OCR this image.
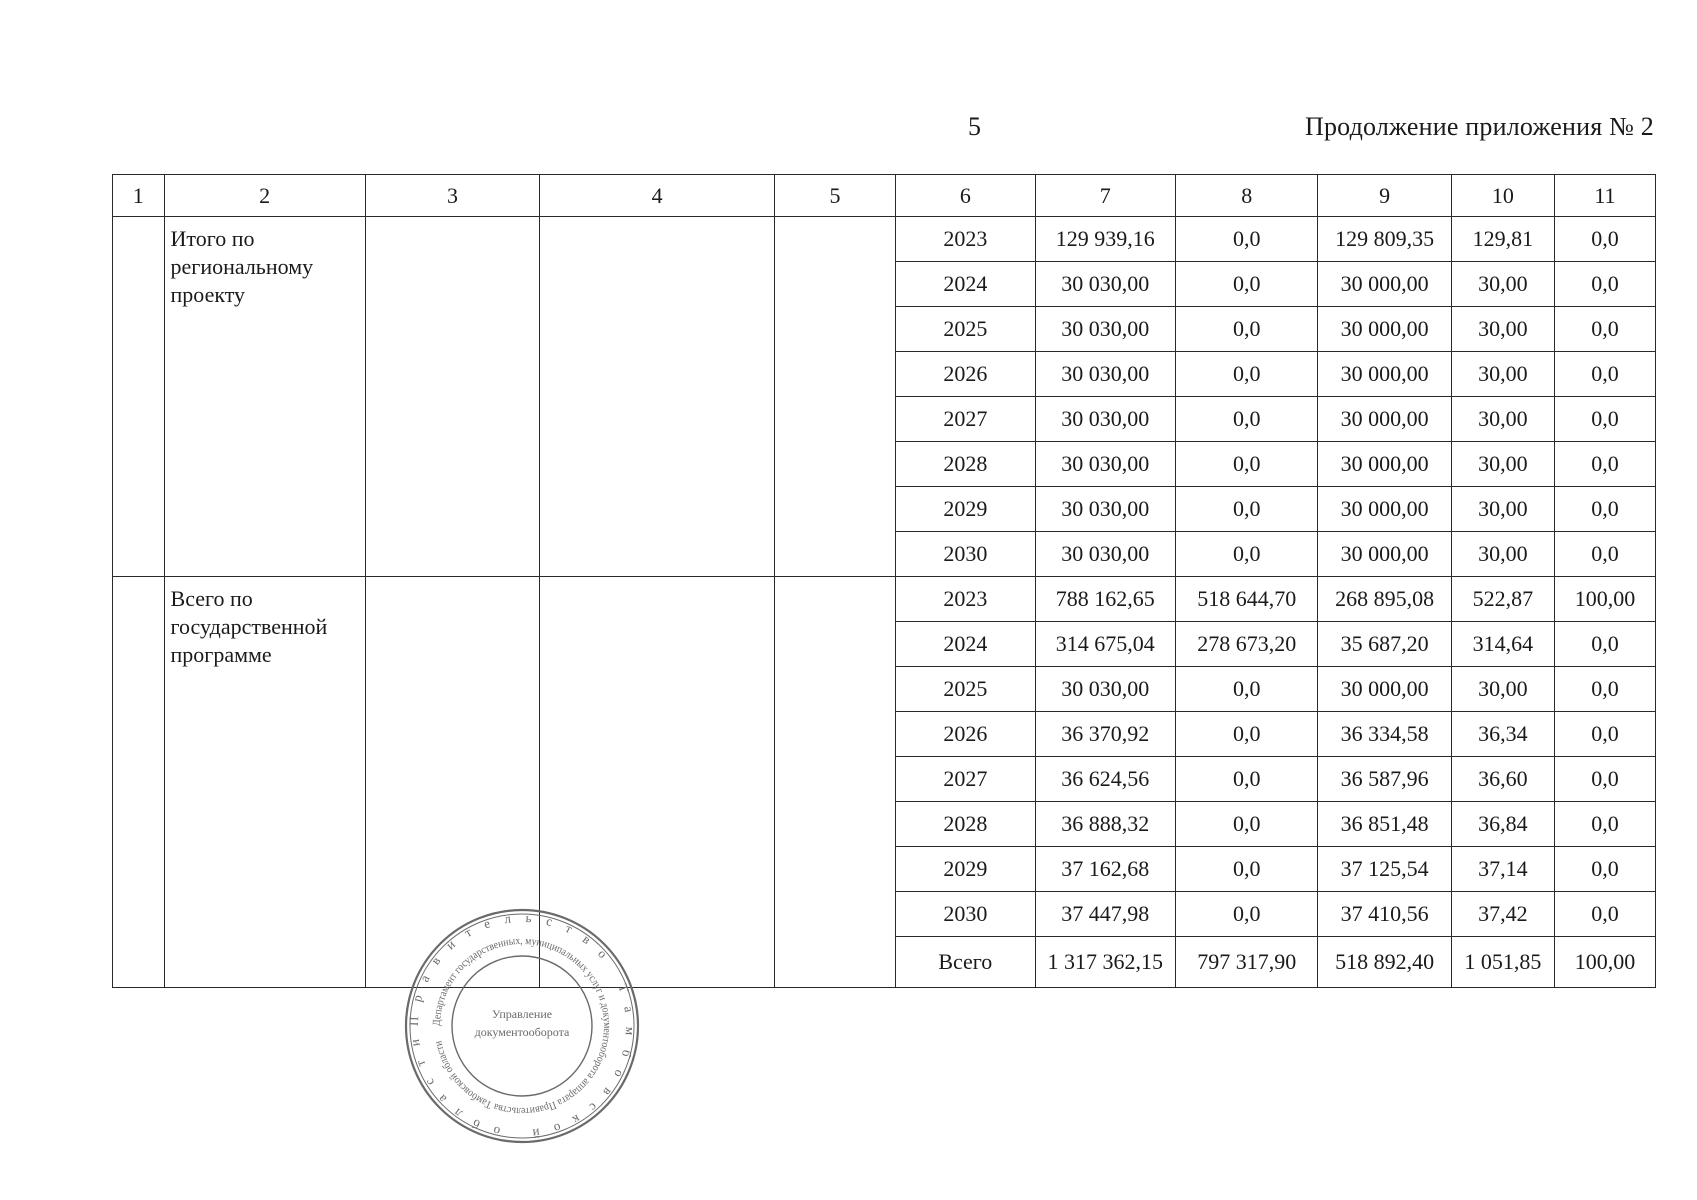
5	Продолжение приложения № 2
1	2	3	4	5	6	7	8	9	10	11
	Итого по региональному проекту				2023	129 939,16	0,0	129 809,35	129,81	0,0
					2024	30 030,00	0,0	30 000,00	30,00	0,0
					2025	30 030,00	0,0	30 000,00	30,00	0,0
					2026	30 030,00	0,0	30 000,00	30,00	0,0
					2027	30 030,00	0,0	30 000,00	30,00	0,0
					2028	30 030,00	0,0	30 000,00	30,00	0,0
					2029	30 030,00	0,0	30 000,00	30,00	0,0
					2030	30 030,00	0,0	30 000,00	30,00	0,0
	Всего по государственной программе				2023	788 162,65	518 644,70	268 895,08	522,87	100,00
					2024	314 675,04	278 673,20	35 687,20	314,64	0,0
					2025	30 030,00	0,0	30 000,00	30,00	0,0
					2026	36 370,92	0,0	36 334,58	36,34	0,0
					2027	36 624,56	0,0	36 587,96	36,60	0,0
					2028	36 888,32	0,0	36 851,48	36,84	0,0
					2029	37 162,68	0,0	37 125,54	37,14	0,0
					2030	37 447,98	0,0	37 410,56	37,42	0,0
					Всего	1 317 362,15	797 317,90	518 892,40	1 051,85	100,00
Правительство Тамбовской области
Департамент государственных, муниципальных услуг и документооборота аппарата Правительства Тамбовской области
Управление
документооборота
